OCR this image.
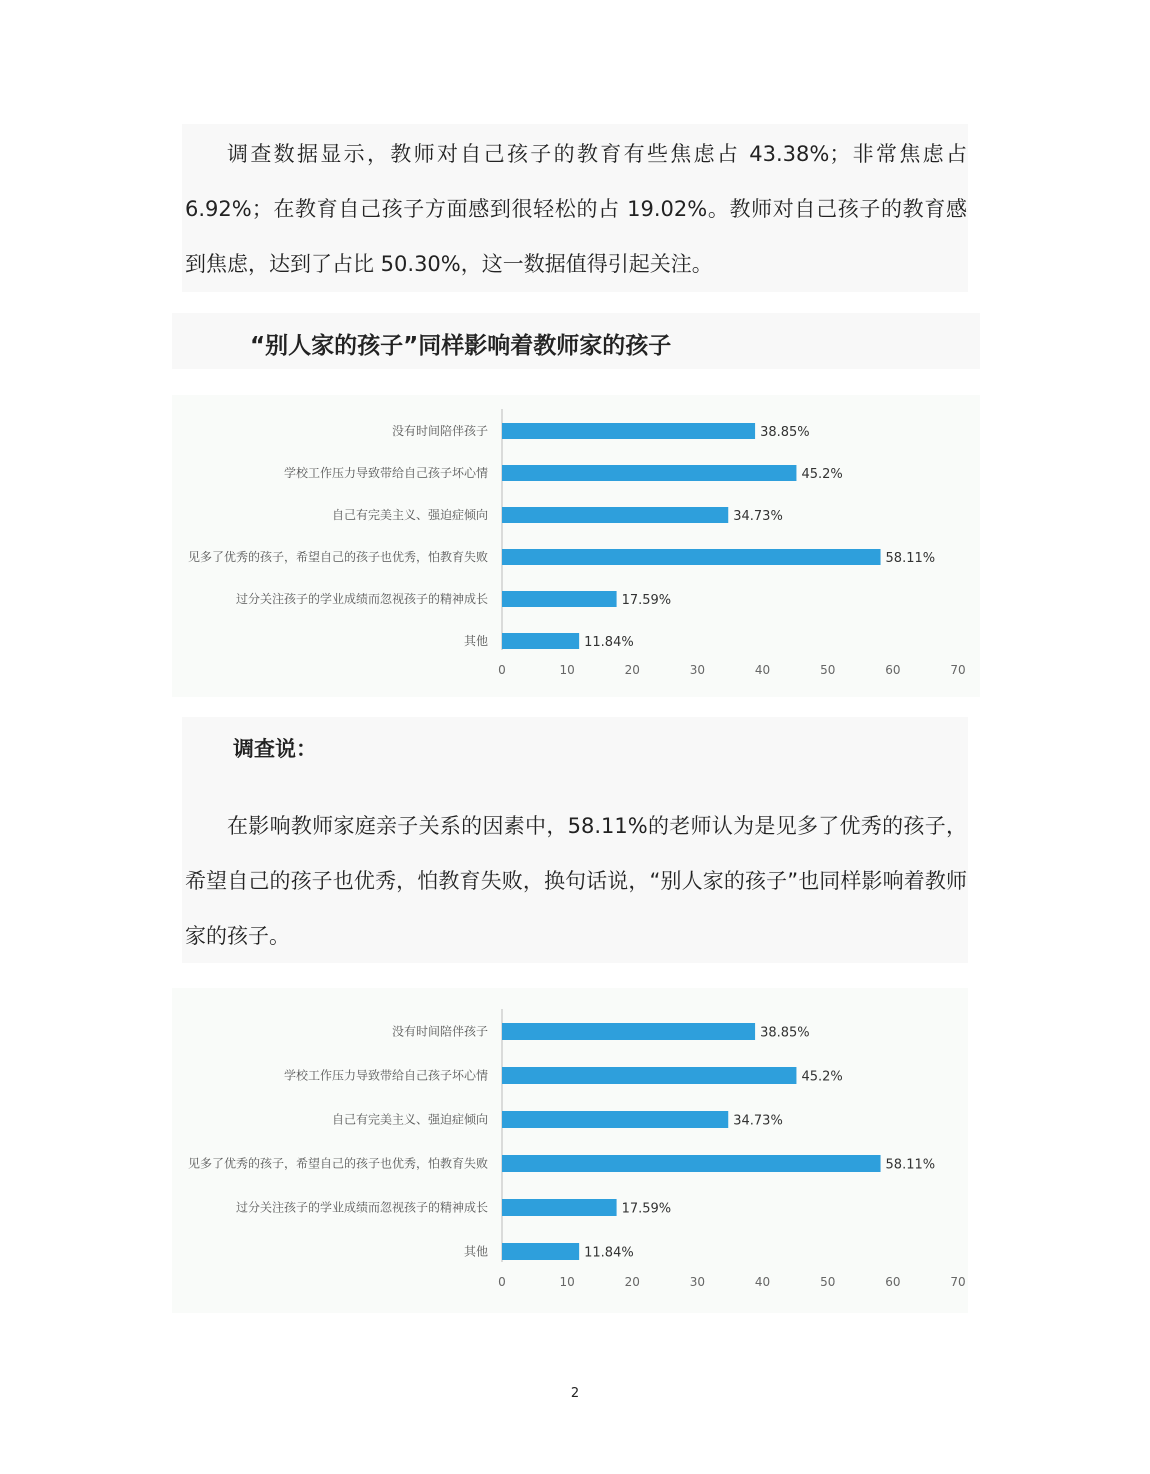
调查数据显示，教师对自己孩子的教育有些焦虑占 43.38%；非常焦虑占 6.92%；在教育自己孩子方面感到很轻松的占 19.02%。教师对自己孩子的教育感到焦虑，达到了占比 50.30%，这一数据值得引起关注。

“别人家的孩子”同样影响着教师家的孩子
没有时间陪伴孩子	38.85%
学校工作压力导致带给自己孩子坏心情	45.2%
自己有完美主义、强迫症倾向	34.73%
见多了优秀的孩子，希望自己的孩子也优秀，怕教育失败	58.11%
过分关注孩子的学业成绩而忽视孩子的精神成长	17.59%
其他	11.84%
0	10	20	30	40	50	60	70
调查说：

在影响教师家庭亲子关系的因素中，58.11%的老师认为是见多了优秀的孩子，希望自己的孩子也优秀，怕教育失败，换句话说，“别人家的孩子”也同样影响着教师家的孩子。

没有时间陪伴孩子	38.85%
学校工作压力导致带给自己孩子坏心情	45.2%
自己有完美主义、强迫症倾向	34.73%
见多了优秀的孩子，希望自己的孩子也优秀，怕教育失败	58.11%
过分关注孩子的学业成绩而忽视孩子的精神成长	17.59%
其他	11.84%
0	10	20	30	40	50	60	70
2
